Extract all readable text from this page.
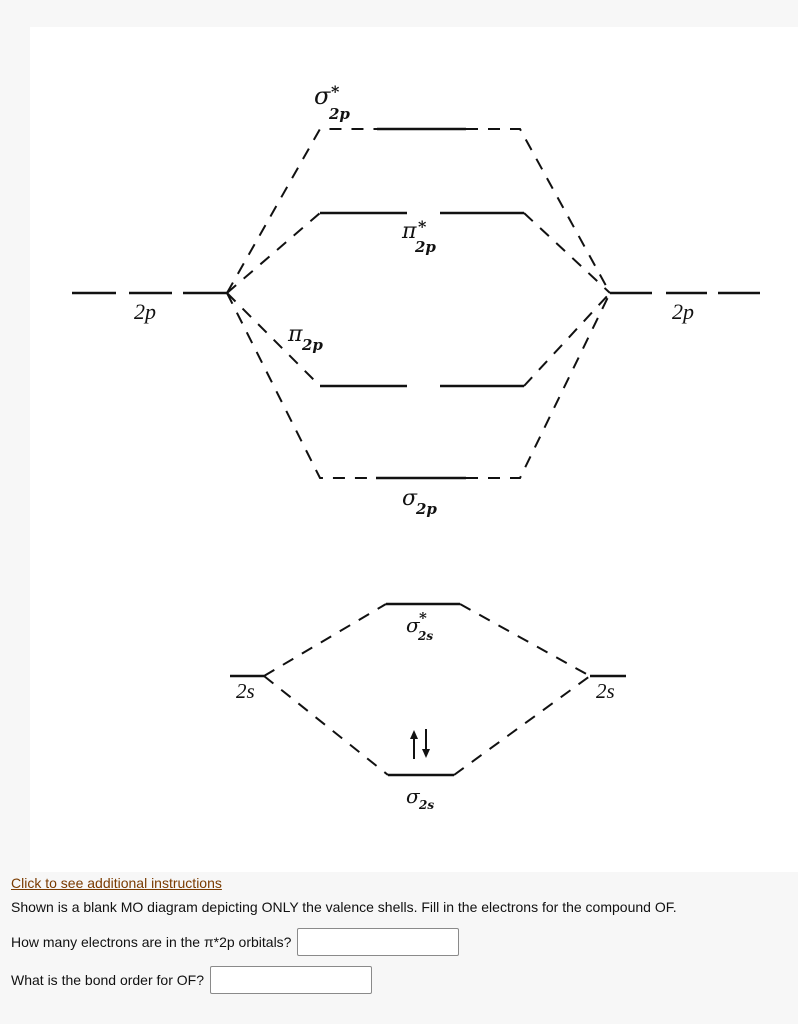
σ *
2p
π *
2p
π 2p
σ
2p
σ *
2s
σ 2s
2p	2p
2s	2s
↑↓
Click to see additional instructions
Shown is a blank MO diagram depicting ONLY the valence shells. Fill in the electrons for the compound OF.
How many electrons are in the π*2p orbitals?
What is the bond order for OF?
